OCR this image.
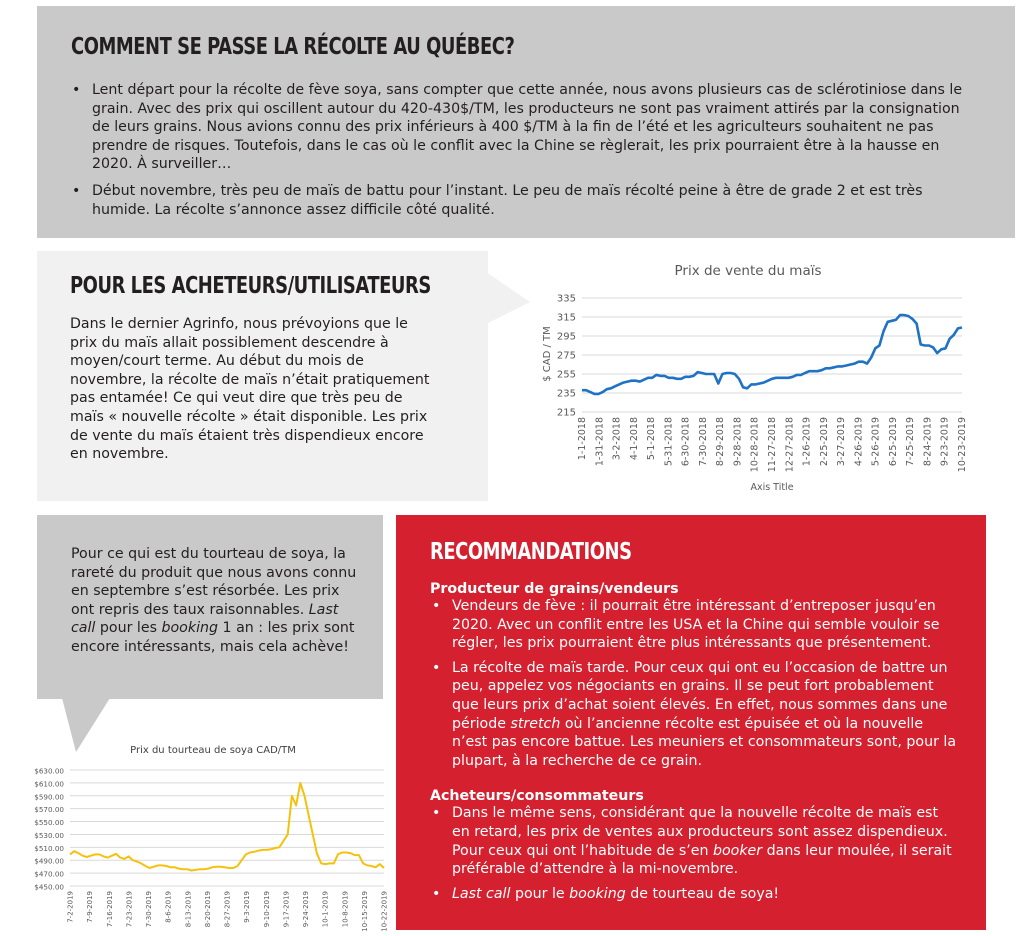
COMMENT SE PASSE LA RÉCOLTE AU QUÉBEC?
• Lent départ pour la récolte de fève soya, sans compter que cette année, nous avons plusieurs cas de sclérotiniose dans le grain. Avec des prix qui oscillent autour du 420-430$/TM, les producteurs ne sont pas vraiment attirés par la consignation de leurs grains. Nous avions connu des prix inférieurs à 400 $/TM à la fin de l’été et les agriculteurs souhaitent ne pas prendre de risques. Toutefois, dans le cas où le conflit avec la Chine se règlerait, les prix pourraient être à la hausse en 2020. À surveiller…
• Début novembre, très peu de maïs de battu pour l’instant. Le peu de maïs récolté peine à être de grade 2 et est très humide. La récolte s’annonce assez difficile côté qualité.
POUR LES ACHETEURS/UTILISATEURS
Dans le dernier Agrinfo, nous prévoyions que le prix du maïs allait possiblement descendre à moyen/court terme. Au début du mois de novembre, la récolte de maïs n’était pratiquement pas entamée! Ce qui veut dire que très peu de maïs « nouvelle récolte » était disponible. Les prix de vente du maïs étaient très dispendieux encore en novembre.
Prix de vente du maïs
$ CAD / TM
Axis Title
335
315
295
275
255
235
215
1-1-2018 1-31-2018 3-2-2018 4-1-2018 5-1-2018 5-31-2018 6-30-2018 7-30-2018 8-29-2018 9-28-2018 10-28-2018 11-27-2018 12-27-2018 1-26-2019 2-25-2019 3-27-2019 4-26-2019 5-26-2019 6-25-2019 7-25-2019 8-24-2019 9-23-2019 10-23-2019
Pour ce qui est du tourteau de soya, la rareté du produit que nous avons connu en septembre s’est résorbée. Les prix ont repris des taux raisonnables. Last call pour les booking 1 an : les prix sont encore intéressants, mais cela achève!
Prix du tourteau de soya CAD/TM
$630.00
$610.00
$590.00
$570.00
$550.00
$530.00
$510.00
$490.00
$470.00
$450.00
7-2-2019 7-9-2019 7-16-2019 7-23-2019 7-30-2019 8-6-2019 8-13-2019 8-20-2019 8-27-2019 9-3-2019 9-10-2019 9-17-2019 9-24-2019 10-1-2019 10-8-2019 10-15-2019 10-22-2019
RECOMMANDATIONS
Producteur de grains/vendeurs
• Vendeurs de fève : il pourrait être intéressant d’entreposer jusqu’en 2020. Avec un conflit entre les USA et la Chine qui semble vouloir se régler, les prix pourraient être plus intéressants que présentement.
• La récolte de maïs tarde. Pour ceux qui ont eu l’occasion de battre un peu, appelez vos négociants en grains. Il se peut fort probablement que leurs prix d’achat soient élevés. En effet, nous sommes dans une période stretch où l’ancienne récolte est épuisée et où la nouvelle n’est pas encore battue. Les meuniers et consommateurs sont, pour la plupart, à la recherche de ce grain.
Acheteurs/consommateurs
• Dans le même sens, considérant que la nouvelle récolte de maïs est en retard, les prix de ventes aux producteurs sont assez dispendieux. Pour ceux qui ont l’habitude de s’en booker dans leur moulée, il serait préférable d’attendre à la mi-novembre.
• Last call pour le booking de tourteau de soya!
